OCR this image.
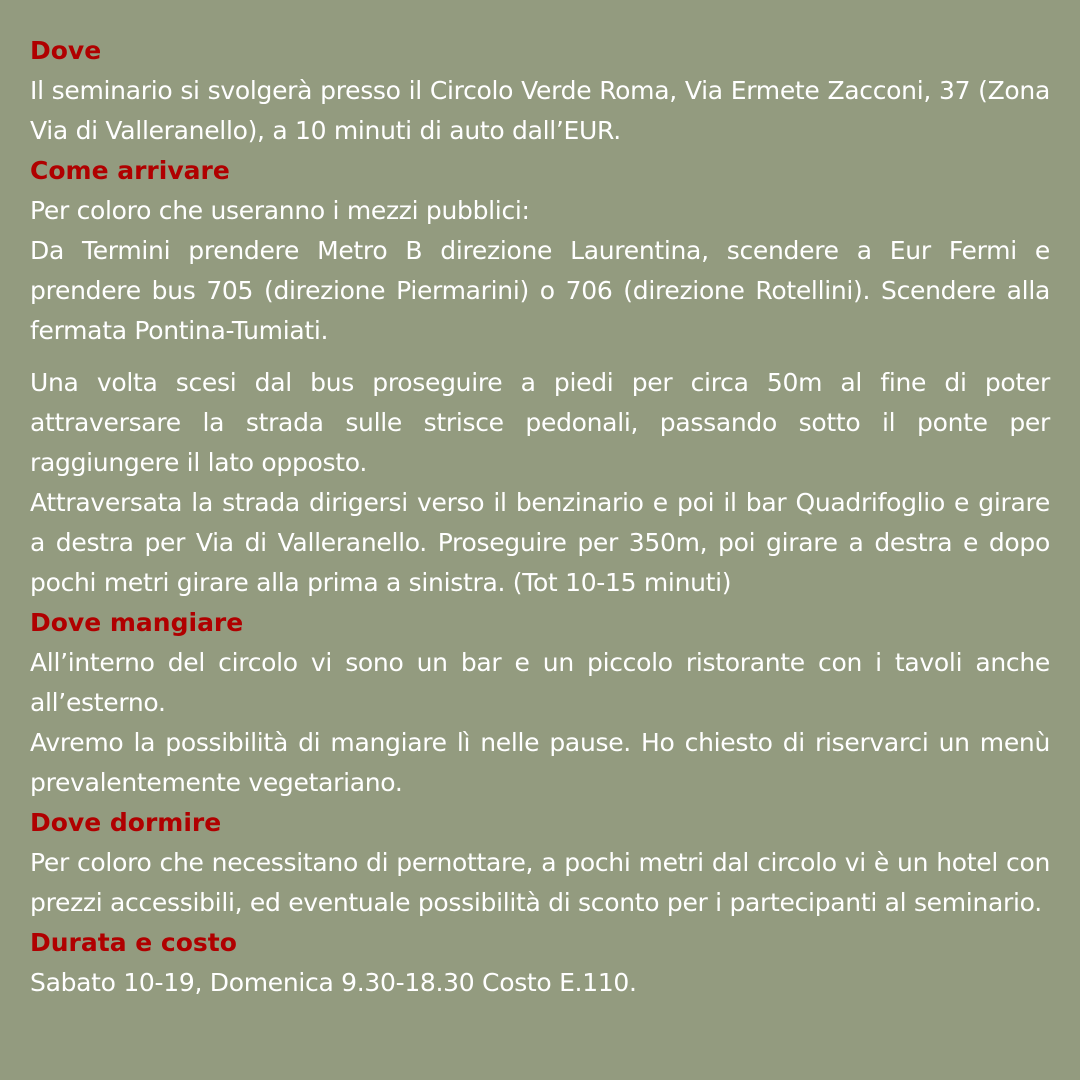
Dove

Il seminario si svolgerà presso il Circolo Verde Roma, Via Ermete Zacconi, 37 (Zona Via di Valleranello), a 10 minuti di auto dall’EUR.

Come arrivare

Per coloro che useranno i mezzi pubblici:

Da Termini prendere Metro B direzione Laurentina, scendere a Eur Fermi e prendere bus 705 (direzione Piermarini) o 706 (direzione Rotellini). Scendere alla fermata Pontina-Tumiati.

Una volta scesi dal bus proseguire a piedi per circa 50m al fine di poter attraversare la strada sulle strisce pedonali, passando sotto il ponte per raggiungere il lato opposto.

Attraversata la strada dirigersi verso il benzinario e poi il bar Quadrifoglio e girare a destra per Via di Valleranello. Proseguire per 350m, poi girare a destra e dopo pochi metri girare alla prima a sinistra. (Tot 10-15 minuti)

Dove mangiare

All’interno del circolo vi sono un bar e un piccolo ristorante con i tavoli anche all’esterno.

Avremo la possibilità di mangiare lì nelle pause. Ho chiesto di riservarci un menù prevalentemente vegetariano.

Dove dormire

Per coloro che necessitano di pernottare, a pochi metri dal circolo vi è un hotel con prezzi accessibili, ed eventuale possibilità di sconto per i partecipanti al seminario.

Durata e costo

Sabato 10-19, Domenica 9.30-18.30 Costo E.110.
